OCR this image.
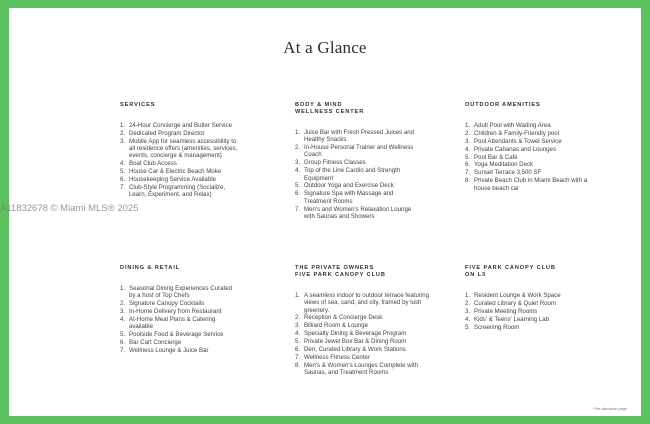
At a Glance
SERVICES
1. 24-Hour Concierge and Butler Service
2. Dedicated Program Director
3. Mobile App for seamless accessibility to all residence offers (amenities, services, events, concierge & management)
4. Boat Club Access
5. House Car & Electric Beach Moke
6. Housekeeping Service Available
7. Club-Style Programming (Socialize, Learn, Experiment, and Relax)
BODY & MIND
WELLNESS CENTER
1. Juice Bar with Fresh Pressed Juices and Healthy Snacks
2. In-House Personal Trainer and Wellness Coach
3. Group Fitness Classes
4. Top of the Line Cardio and Strength Equipment
5. Outdoor Yoga and Exercise Deck
6. Signature Spa with Massage and Treatment Rooms
7. Men's and Women's Relaxation Lounge with Saunas and Showers
OUTDOOR AMENITIES
1. Adult Pool with Wading Area
2. Children & Family-Friendly pool
3. Pool Attendants & Towel Service
4. Private Cabanas and Lounges
5. Pool Bar & Café
6. Yoga Meditation Deck
7. Sunset Terrace 3,500 SF
8. Private Beach Club in Miami Beach with a house beach car
DINING & RETAIL
1. Seasonal Dining Experiences Curated by a host of Top Chefs
2. Signature Canopy Cocktails
3. In-Home Delivery from Restaurant
4. At-Home Meal Plans & Catering available
5. Poolside Food & Beverage Service
6. Bar Cart Concierge
7. Wellness Lounge & Juice Bar
THE PRIVATE OWNERS
FIVE PARK CANOPY CLUB
1. A seamless indoor to outdoor terrace featuring views of sea, sand, and city, framed by lush greenery.
2. Reception & Concierge Desk
3. Billiard Room & Lounge
4. Specialty Dining & Beverage Program
5. Private Jewel Box Bar & Dining Room
6. Den, Curated Library & Work Stations
7. Wellness Fitness Center
8. Men's & Women's Lounges Complete with Saunas, and Treatment Rooms
FIVE PARK CANOPY CLUB
ON L3
1. Resident Lounge & Work Space
2. Curated Library & Quiet Room
3. Private Meeting Rooms
4. Kids' & Teens' Learning Lab
5. Screening Room
*See disclaimer page
A11832678 © Miami MLS® 2025
